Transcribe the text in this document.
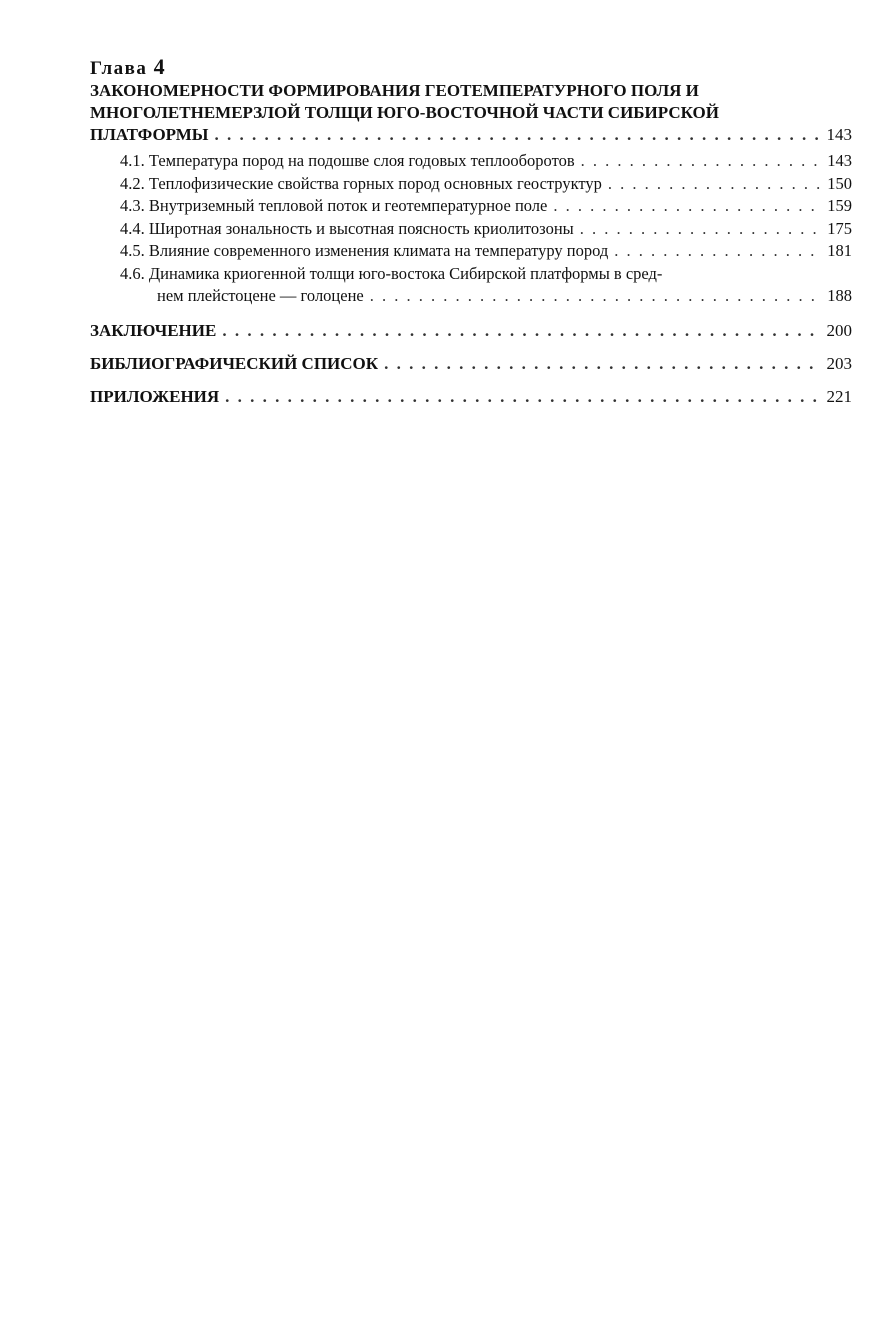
Глава 4
ЗАКОНОМЕРНОСТИ ФОРМИРОВАНИЯ ГЕОТЕМПЕРАТУРНОГО ПОЛЯ И
МНОГОЛЕТНЕМЕРЗЛОЙ ТОЛЩИ ЮГО-ВОСТОЧНОЙ ЧАСТИ СИБИРСКОЙ
ПЛАТФОРМЫ . . .	143
4.1. Температура пород на подошве слоя годовых теплооборотов . . .	143
4.2. Теплофизические свойства горных пород основных геоструктур . . .	150
4.3. Внутриземный тепловой поток и геотемпературное поле . . .	159
4.4. Широтная зональность и высотная поясность криолитозоны . . .	175
4.5. Влияние современного изменения климата на температуру пород . . .	181
4.6. Динамика криогенной толщи юго-востока Сибирской платформы в сред-
нем плейстоцене — голоцене . . .	188
ЗАКЛЮЧЕНИЕ . . .	200
БИБЛИОГРАФИЧЕСКИЙ СПИСОК . . .	203
ПРИЛОЖЕНИЯ . . .	221
